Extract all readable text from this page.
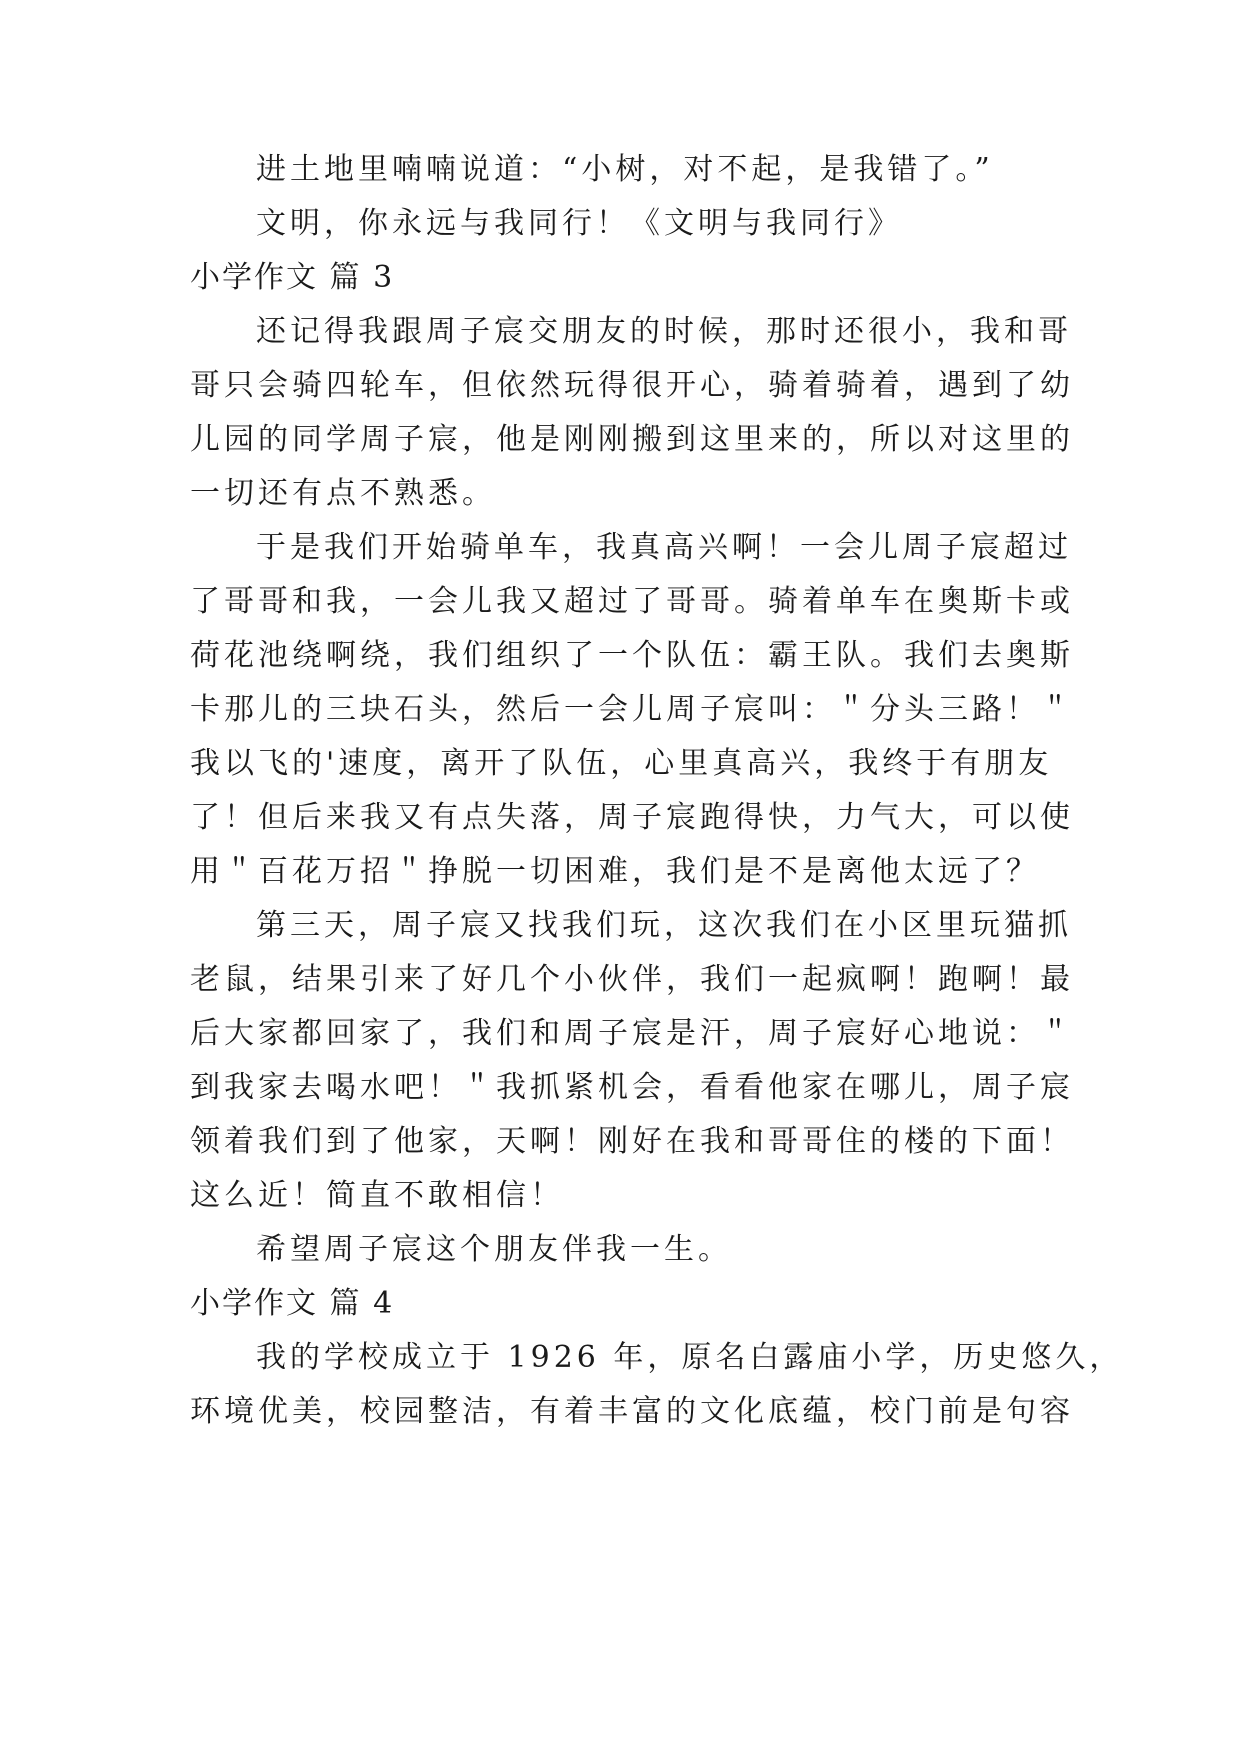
进土地里喃喃说道：“小树，对不起，是我错了。”
文明，你永远与我同行！《文明与我同行》
小学作文 篇 3
还记得我跟周子宸交朋友的时候，那时还很小，我和哥
哥只会骑四轮车，但依然玩得很开心，骑着骑着，遇到了幼
儿园的同学周子宸，他是刚刚搬到这里来的，所以对这里的
一切还有点不熟悉。
于是我们开始骑单车，我真高兴啊！一会儿周子宸超过
了哥哥和我，一会儿我又超过了哥哥。骑着单车在奥斯卡或
荷花池绕啊绕，我们组织了一个队伍：霸王队。我们去奥斯
卡那儿的三块石头，然后一会儿周子宸叫：＂分头三路！＂
我以飞的'速度，离开了队伍，心里真高兴，我终于有朋友
了！但后来我又有点失落，周子宸跑得快，力气大，可以使
用＂百花万招＂挣脱一切困难，我们是不是离他太远了？
第三天，周子宸又找我们玩，这次我们在小区里玩猫抓
老鼠，结果引来了好几个小伙伴，我们一起疯啊！跑啊！最
后大家都回家了，我们和周子宸是汗，周子宸好心地说：＂
到我家去喝水吧！＂我抓紧机会，看看他家在哪儿，周子宸
领着我们到了他家，天啊！刚好在我和哥哥住的楼的下面！
这么近！简直不敢相信！
希望周子宸这个朋友伴我一生。
小学作文 篇 4
我的学校成立于 1926 年，原名白露庙小学，历史悠久，
环境优美，校园整洁，有着丰富的文化底蕴，校门前是句容
